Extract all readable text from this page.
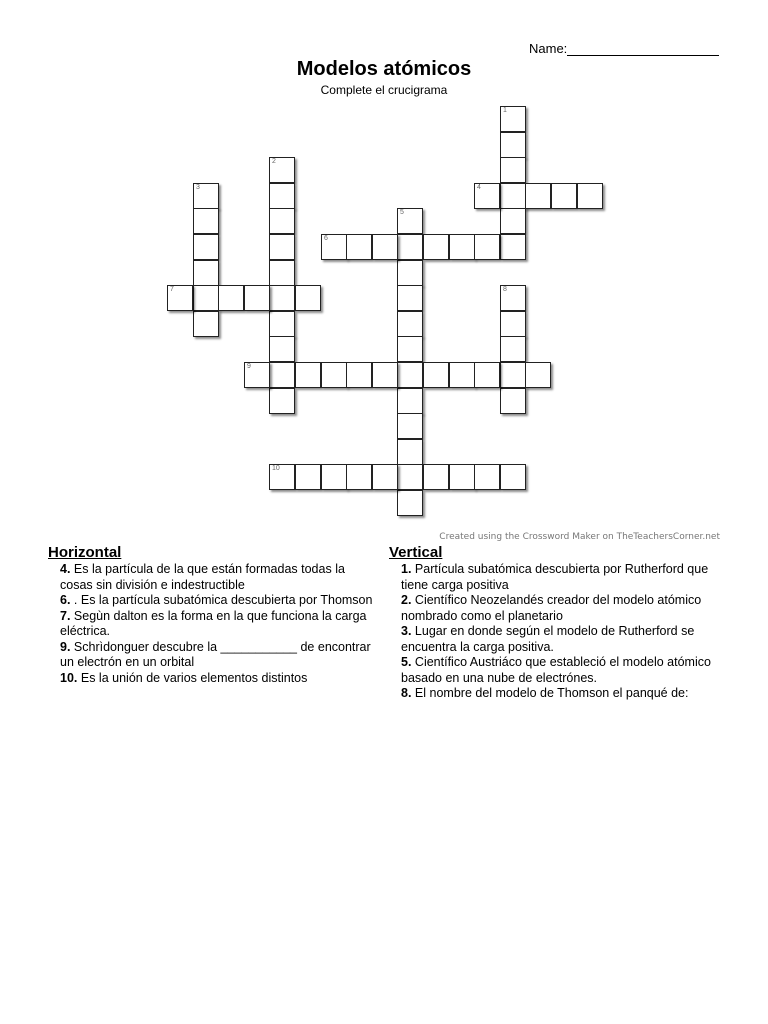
Name:
Modelos atómicos
Complete el crucigrama
1
2
3	4
5
6
7	8
9
10
Created using the Crossword Maker on TheTeachersCorner.net
Horizontal
4. Es la partícula de la que están formadas todas la cosas sin división e indestructible
6. . Es la partícula subatómica descubierta por Thomson
7. Segùn dalton es la forma en la que funciona la carga eléctrica.
9. Schrìdonguer descubre la ___________ de encontrar un electrón en un orbital
10. Es la unión de varios elementos distintos
Vertical
1. Partícula subatómica descubierta por Rutherford que tiene carga positiva
2. Científico Neozelandés creador del modelo atómico nombrado como el planetario
3. Lugar en donde según el modelo de Rutherford se encuentra la carga positiva.
5. Científico Austriáco que estableció el modelo atómico basado en una nube de electrónes.
8. El nombre del modelo de Thomson el panqué de:
